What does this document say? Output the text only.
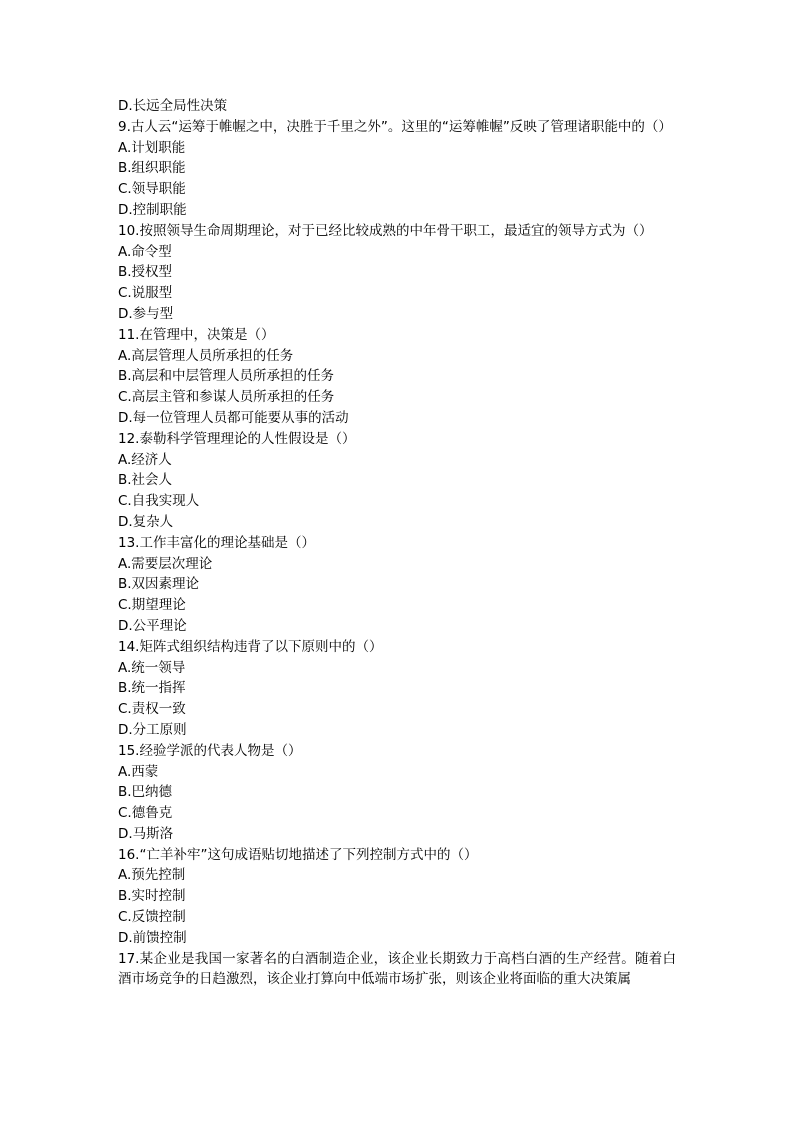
D.长远全局性决策
9.古人云“运筹于帷幄之中，决胜于千里之外”。这里的“运筹帷幄”反映了管理诸职能中的（）
A.计划职能
B.组织职能
C.领导职能
D.控制职能
10.按照领导生命周期理论，对于已经比较成熟的中年骨干职工，最适宜的领导方式为（）
A.命令型
B.授权型
C.说服型
D.参与型
11.在管理中，决策是（）
A.高层管理人员所承担的任务
B.高层和中层管理人员所承担的任务
C.高层主管和参谋人员所承担的任务
D.每一位管理人员都可能要从事的活动
12.泰勒科学管理理论的人性假设是（）
A.经济人
B.社会人
C.自我实现人
D.复杂人
13.工作丰富化的理论基础是（）
A.需要层次理论
B.双因素理论
C.期望理论
D.公平理论
14.矩阵式组织结构违背了以下原则中的（）
A.统一领导
B.统一指挥
C.责权一致
D.分工原则
15.经验学派的代表人物是（）
A.西蒙
B.巴纳德
C.德鲁克
D.马斯洛
16.“亡羊补牢”这句成语贴切地描述了下列控制方式中的（）
A.预先控制
B.实时控制
C.反馈控制
D.前馈控制
17.某企业是我国一家著名的白酒制造企业，该企业长期致力于高档白酒的生产经营。随着白酒市场竞争的日趋激烈，该企业打算向中低端市场扩张，则该企业将面临的重大决策属
